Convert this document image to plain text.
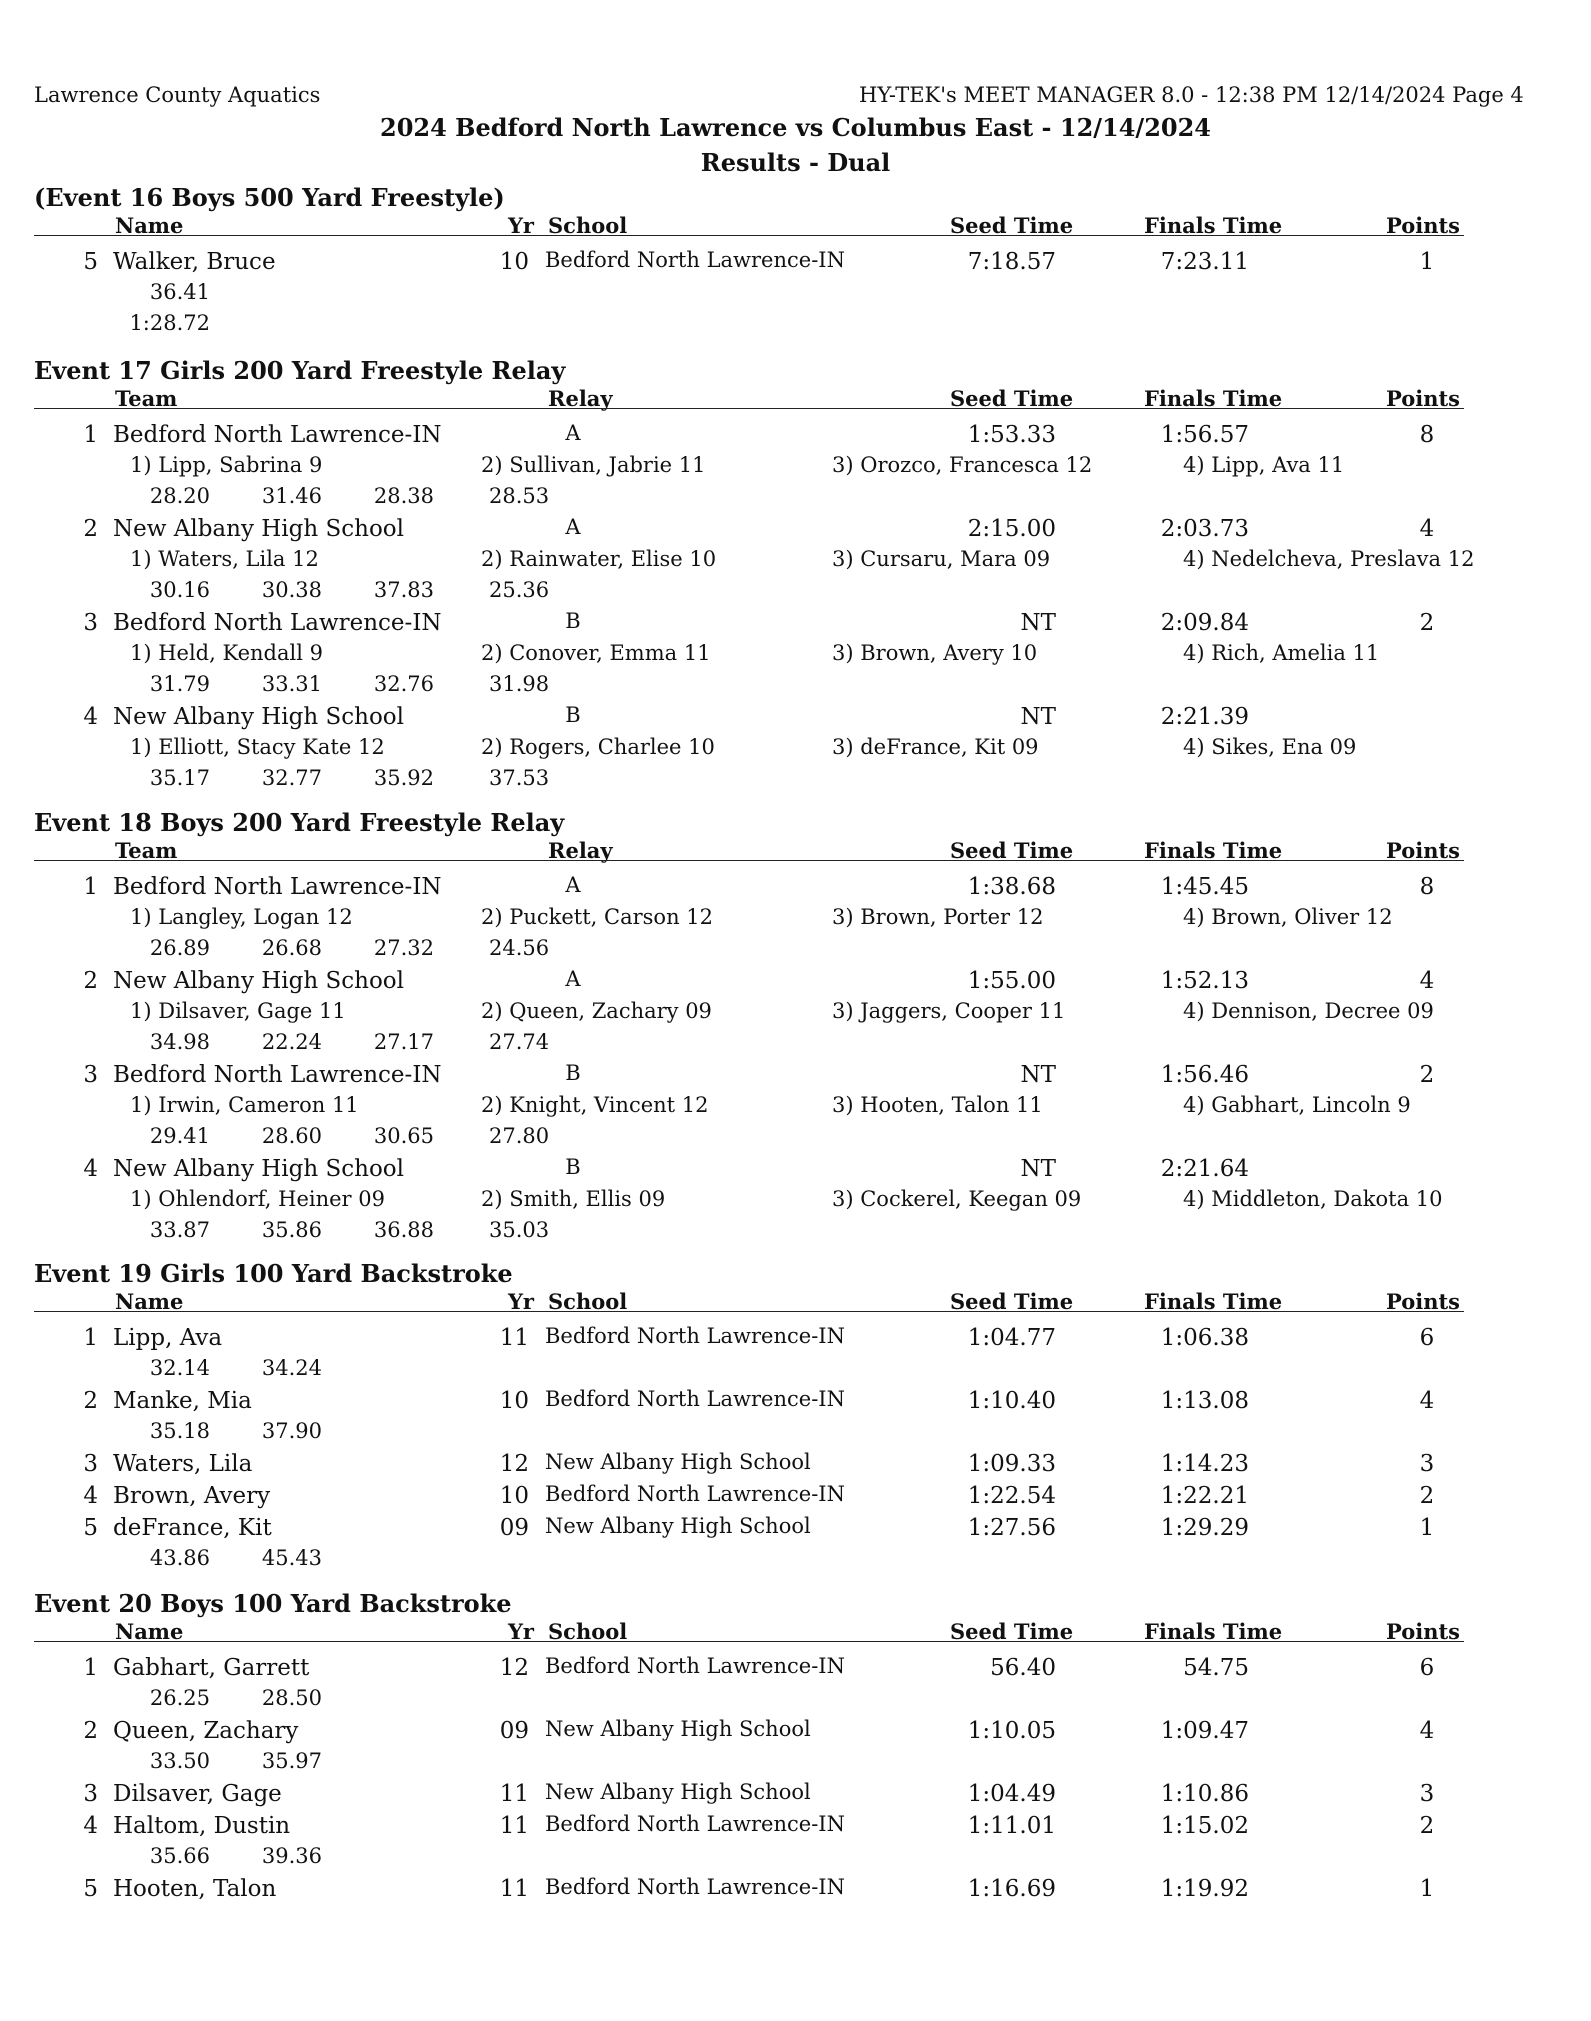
Lawrence County Aquatics	HY-TEK's MEET MANAGER 8.0 - 12:38 PM 12/14/2024 Page 4
2024 Bedford North Lawrence vs Columbus East - 12/14/2024
Results - Dual
(Event 16 Boys 500 Yard Freestyle)
Name	Yr School	Seed Time	Finals Time	Points
5 Walker, Bruce	10 Bedford North Lawrence-IN	7:18.57	7:23.11	1
36.41
1:28.72
Event 17 Girls 200 Yard Freestyle Relay
Team	Relay	Seed Time	Finals Time	Points
1 Bedford North Lawrence-IN	A	1:53.33	1:56.57	8
1) Lipp, Sabrina 9	2) Sullivan, Jabrie 11	3) Orozco, Francesca 12	4) Lipp, Ava 11
28.20	31.46	28.38	28.53
2 New Albany High School	A	2:15.00	2:03.73	4
1) Waters, Lila 12	2) Rainwater, Elise 10	3) Cursaru, Mara 09	4) Nedelcheva, Preslava 12
30.16	30.38	37.83	25.36
3 Bedford North Lawrence-IN	B	NT	2:09.84	2
1) Held, Kendall 9	2) Conover, Emma 11	3) Brown, Avery 10	4) Rich, Amelia 11
31.79	33.31	32.76	31.98
4 New Albany High School	B	NT	2:21.39
1) Elliott, Stacy Kate 12	2) Rogers, Charlee 10	3) deFrance, Kit 09	4) Sikes, Ena 09
35.17	32.77	35.92	37.53
Event 18 Boys 200 Yard Freestyle Relay
Team	Relay	Seed Time	Finals Time	Points
1 Bedford North Lawrence-IN	A	1:38.68	1:45.45	8
1) Langley, Logan 12	2) Puckett, Carson 12	3) Brown, Porter 12	4) Brown, Oliver 12
26.89	26.68	27.32	24.56
2 New Albany High School	A	1:55.00	1:52.13	4
1) Dilsaver, Gage 11	2) Queen, Zachary 09	3) Jaggers, Cooper 11	4) Dennison, Decree 09
34.98	22.24	27.17	27.74
3 Bedford North Lawrence-IN	B	NT	1:56.46	2
1) Irwin, Cameron 11	2) Knight, Vincent 12	3) Hooten, Talon 11	4) Gabhart, Lincoln 9
29.41	28.60	30.65	27.80
4 New Albany High School	B	NT	2:21.64
1) Ohlendorf, Heiner 09	2) Smith, Ellis 09	3) Cockerel, Keegan 09	4) Middleton, Dakota 10
33.87	35.86	36.88	35.03
Event 19 Girls 100 Yard Backstroke
Name	Yr School	Seed Time	Finals Time	Points
1 Lipp, Ava	11 Bedford North Lawrence-IN	1:04.77	1:06.38	6
32.14	34.24
2 Manke, Mia	10 Bedford North Lawrence-IN	1:10.40	1:13.08	4
35.18	37.90
3 Waters, Lila	12 New Albany High School	1:09.33	1:14.23	3
4 Brown, Avery	10 Bedford North Lawrence-IN	1:22.54	1:22.21	2
5 deFrance, Kit	09 New Albany High School	1:27.56	1:29.29	1
43.86	45.43
Event 20 Boys 100 Yard Backstroke
Name	Yr School	Seed Time	Finals Time	Points
1 Gabhart, Garrett	12 Bedford North Lawrence-IN	56.40	54.75	6
26.25	28.50
2 Queen, Zachary	09 New Albany High School	1:10.05	1:09.47	4
33.50	35.97
3 Dilsaver, Gage	11 New Albany High School	1:04.49	1:10.86	3
4 Haltom, Dustin	11 Bedford North Lawrence-IN	1:11.01	1:15.02	2
35.66	39.36
5 Hooten, Talon	11 Bedford North Lawrence-IN	1:16.69	1:19.92	1
